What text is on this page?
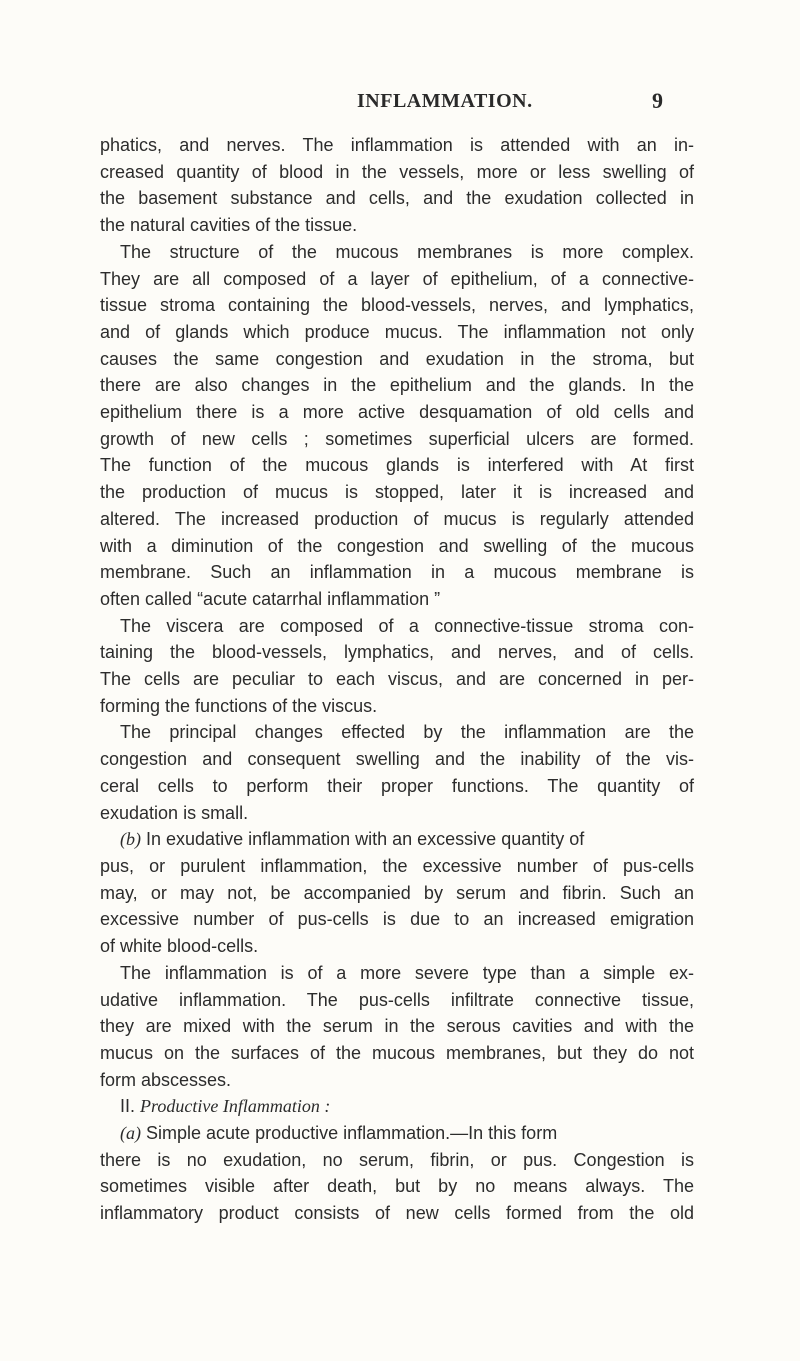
INFLAMMATION.	9
phatics, and nerves. The inflammation is attended with an in-
creased quantity of blood in the vessels, more or less swelling of
the basement substance and cells, and the exudation collected in
the natural cavities of the tissue.
The structure of the mucous membranes is more complex.
They are all composed of a layer of epithelium, of a connective-
tissue stroma containing the blood-vessels, nerves, and lymphatics,
and of glands which produce mucus. The inflammation not only
causes the same congestion and exudation in the stroma, but
there are also changes in the epithelium and the glands. In the
epithelium there is a more active desquamation of old cells and
growth of new cells ; sometimes superficial ulcers are formed.
The function of the mucous glands is interfered with At first
the production of mucus is stopped, later it is increased and
altered. The increased production of mucus is regularly attended
with a diminution of the congestion and swelling of the mucous
membrane. Such an inflammation in a mucous membrane is
often called “acute catarrhal inflammation ”
The viscera are composed of a connective-tissue stroma con-
taining the blood-vessels, lymphatics, and nerves, and of cells.
The cells are peculiar to each viscus, and are concerned in per-
forming the functions of the viscus.
The principal changes effected by the inflammation are the
congestion and consequent swelling and the inability of the vis-
ceral cells to perform their proper functions. The quantity of
exudation is small.
(b) In exudative inflammation with an excessive quantity of
pus, or purulent inflammation, the excessive number of pus-cells
may, or may not, be accompanied by serum and fibrin. Such an
excessive number of pus-cells is due to an increased emigration
of white blood-cells.
The inflammation is of a more severe type than a simple ex-
udative inflammation. The pus-cells infiltrate connective tissue,
they are mixed with the serum in the serous cavities and with the
mucus on the surfaces of the mucous membranes, but they do not
form abscesses.
II. Productive Inflammation :
(a) Simple acute productive inflammation.—In this form
there is no exudation, no serum, fibrin, or pus. Congestion is
sometimes visible after death, but by no means always. The
inflammatory product consists of new cells formed from the old
